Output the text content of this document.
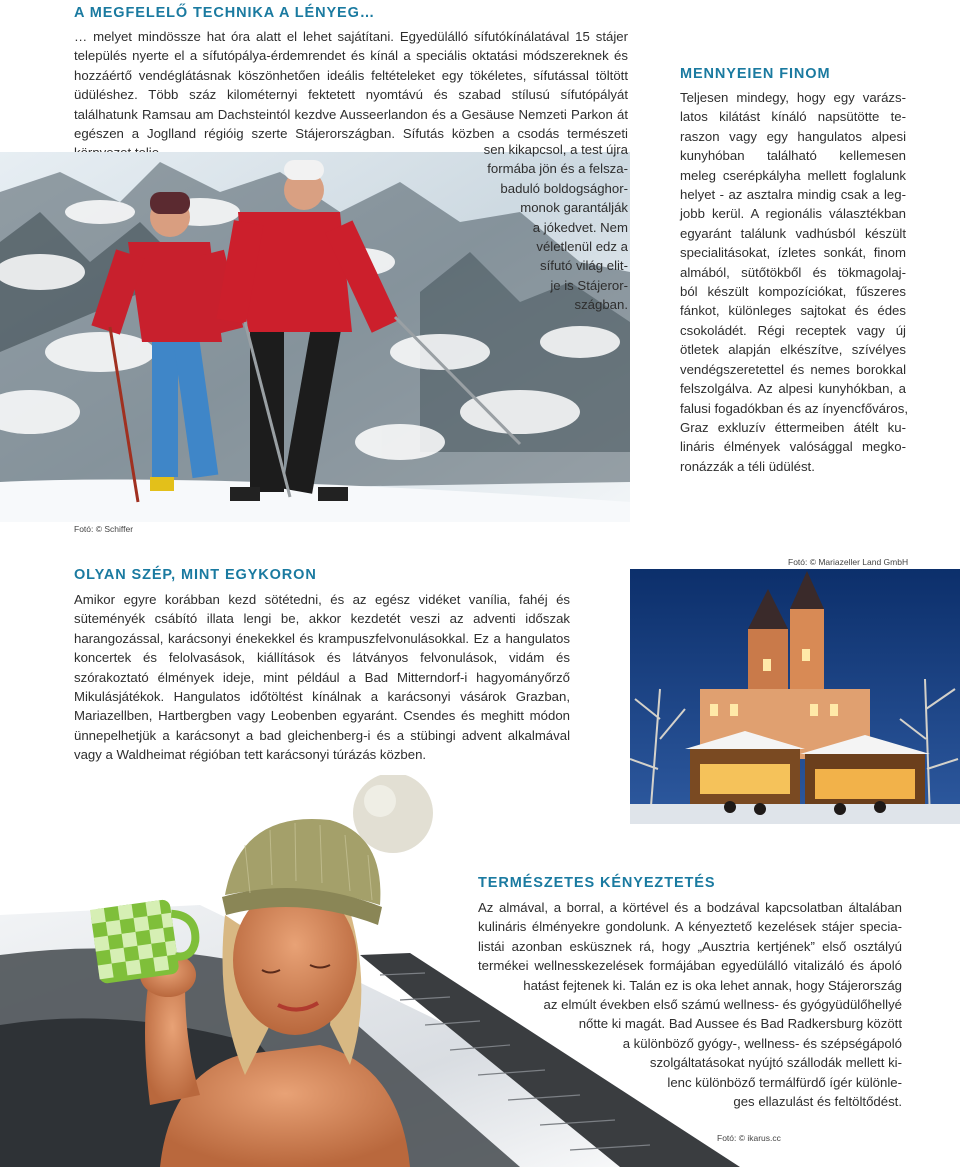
A MEGFELELŐ TECHNIKA A LÉNYEG…

… melyet mindössze hat óra alatt el lehet sajátítani. Egyedülálló sífutókínálatával 15 stájer település nyerte el a sífutópálya-érdemrendet és kínál a speciális oktatási módszereknek és hozzáértő vendéglátásnak köszönhetően ideális feltételeket egy tökéletes, sífutással töltött üdüléshez. Több száz kilométernyi fektetett nyomtávú és szabad stílusú sífutópályát találhatunk Ramsau am Dachsteintól kezdve Ausseerlandon és a Gesäuse Nemzeti Parkon át egészen a Joglland régióig szerte Stájerországban. Sífutás közben a csodás természeti

sen kikapcsol, a test újra
formába jön és a felsza-
baduló boldogsághor-
monok garantálják
a jókedvet. Nem
véletlenül edz a
sífutó világ elit-
je is Stájeror-
szágban.

Fotó: © Schiffer

MENNYEIEN FINOM
Teljesen mindegy, hogy egy varázs-
latos kilátást kínáló napsütötte te-
raszon vagy egy hangulatos alpesi
kunyhóban található kellemesen
meleg cserépkályha mellett foglalunk
helyet - az asztalra mindig csak a leg-
jobb kerül. A regionális választékban
egyaránt találunk vadhúsból készült
specialitásokat, ízletes sonkát, finom
almából, sütőtökből és tökmagolaj-
ból készült kompozíciókat, fűszeres
fánkot, különleges sajtokat és édes
csokoládét. Régi receptek vagy új
ötletek alapján elkészítve, szívélyes
vendégszeretettel és nemes borokkal
felszolgálva. Az alpesi kunyhókban, a
falusi fogadókban és az ínyencfőváros,
Graz exkluzív éttermeiben átélt ku-
lináris élmények valósággal megko-
ronázzák a téli üdülést.
OLYAN SZÉP, MINT EGYKORON

Amikor egyre korábban kezd sötétedni, és az egész vidéket vanília, fahéj és süteményék csábító illata lengi be, akkor kezdetét veszi az adventi időszak harangozással, karácsonyi énekekkel és krampuszfelvonulásokkal. Ez a hangulatos koncertek és felolvasások, kiállítások és látványos felvonulások, vidám és szórakoztató élmények ideje, mint például a Bad Mitterndorf-i hagyományőrző Mikulásjátékok. Hangulatos időtöltést kínálnak a karácsonyi vásárok Grazban, Mariazellben, Hartbergben vagy Leobenben egyaránt. Csendes és meghitt módon ünnepelhetjük a karácsonyt a bad gleichenberg-i és a stübingi advent alkalmával vagy a Waldheimat régióban tett karácsonyi túrázás közben.

Fotó: © Mariazeller Land GmbH

TERMÉSZETES KÉNYEZTETÉS
Az almával, a borral, a körtével és a bodzával kapcsolatban általában
kulináris élményekre gondolunk. A kényeztető kezelések stájer specia-
listái azonban esküsznek rá, hogy „Ausztria kertjének” első osztályú
termékei wellnesskezelések formájában egyedülálló vitalizáló és ápoló
hatást fejtenek ki. Talán ez is oka lehet annak, hogy Stájerország
az elmúlt években első számú wellness- és gyógyüdülőhellyé
nőtte ki magát. Bad Aussee és Bad Radkersburg között
a különböző gyógy-, wellness- és szépségápoló
szolgáltatásokat nyújtó szállodák mellett ki-
lenc különböző termálfürdő ígér különle-
ges ellazulást és feltöltődést.

Fotó: © ikarus.cc
